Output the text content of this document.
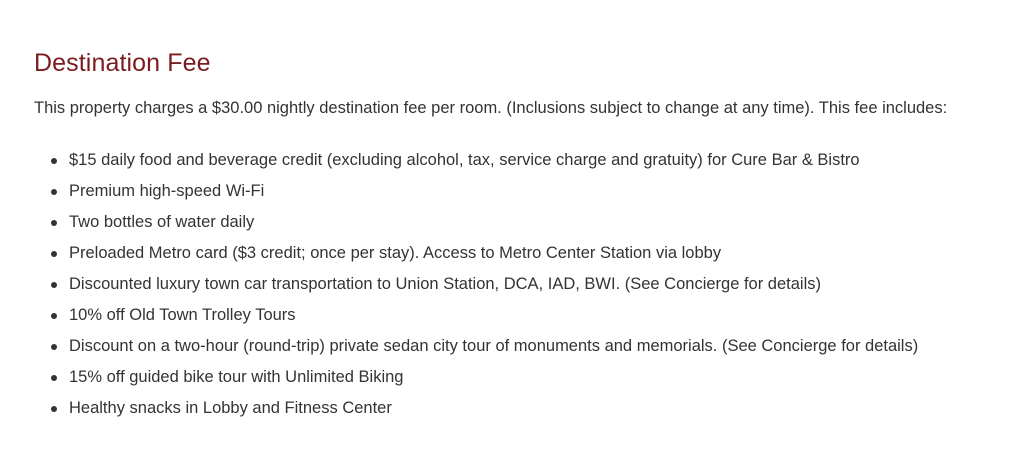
Destination Fee

This property charges a $30.00 nightly destination fee per room. (Inclusions subject to change at any time). This fee includes:

$15 daily food and beverage credit (excluding alcohol, tax, service charge and gratuity) for Cure Bar & Bistro
Premium high-speed Wi-Fi
Two bottles of water daily
Preloaded Metro card ($3 credit; once per stay). Access to Metro Center Station via lobby
Discounted luxury town car transportation to Union Station, DCA, IAD, BWI. (See Concierge for details)
10% off Old Town Trolley Tours
Discount on a two-hour (round-trip) private sedan city tour of monuments and memorials. (See Concierge for details)
15% off guided bike tour with Unlimited Biking
Healthy snacks in Lobby and Fitness Center
